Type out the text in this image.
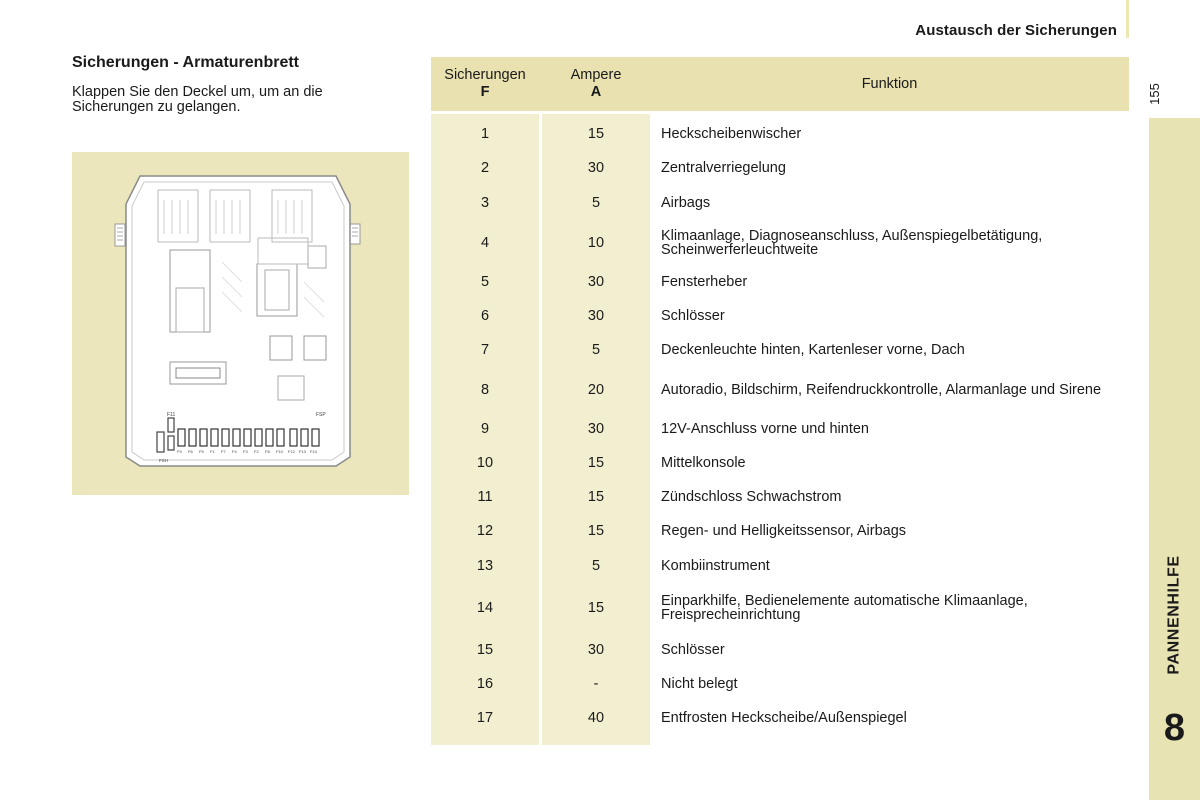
Austausch der Sicherungen
155
PANNENHILFE
8
Sicherungen - Armaturenbrett
Klappen Sie den Deckel um, um an die Sicherungen zu gelangen.
F11	FSP
FSH
F9 F6 F5 F1 F7 F4 F3 F2 F8 F10 F12 F13 F14
Sicherungen
F
Ampere
A	Funktion
1	15	Heckscheibenwischer
2	30	Zentralverriegelung
3	5	Airbags
4	10	Klimaanlage, Diagnoseanschluss, Außenspiegelbetätigung, Scheinwerferleuchtweite
5	30	Fensterheber
6	30	Schlösser
7	5	Deckenleuchte hinten, Kartenleser vorne, Dach
8	20	Autoradio, Bildschirm, Reifendruckkontrolle, Alarmanlage und Sirene
9	30	12V-Anschluss vorne und hinten
10	15	Mittelkonsole
11	15	Zündschloss Schwachstrom
12	15	Regen- und Helligkeitssensor, Airbags
13	5	Kombiinstrument
14	15	Einparkhilfe, Bedienelemente automatische Klimaanlage, Freisprecheinrichtung
15	30	Schlösser
16	-	Nicht belegt
17	40	Entfrosten Heckscheibe/Außenspiegel
